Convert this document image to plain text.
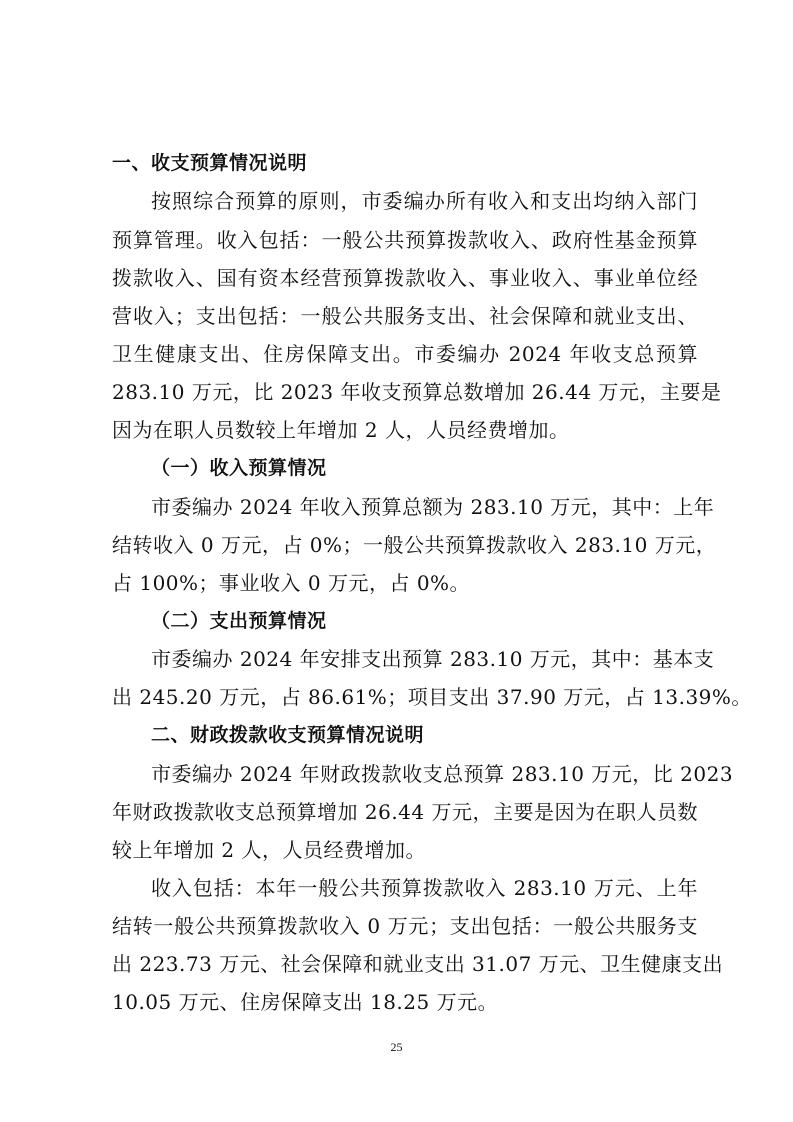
一、收支预算情况说明
按照综合预算的原则，市委编办所有收入和支出均纳入部门
预算管理。收入包括：一般公共预算拨款收入、政府性基金预算
拨款收入、国有资本经营预算拨款收入、事业收入、事业单位经
营收入；支出包括：一般公共服务支出、社会保障和就业支出、
卫生健康支出、住房保障支出。市委编办 2024 年收支总预算
283.10 万元，比 2023 年收支预算总数增加 26.44 万元，主要是
因为在职人员数较上年增加 2 人，人员经费增加。
（一）收入预算情况
市委编办 2024 年收入预算总额为 283.10 万元，其中：上年
结转收入 0 万元，占 0%；一般公共预算拨款收入 283.10 万元，
占 100%；事业收入 0 万元，占 0%。
（二）支出预算情况
市委编办 2024 年安排支出预算 283.10 万元，其中：基本支
出 245.20 万元，占 86.61%；项目支出 37.90 万元，占 13.39%。
二、财政拨款收支预算情况说明
市委编办 2024 年财政拨款收支总预算 283.10 万元，比 2023
年财政拨款收支总预算增加 26.44 万元，主要是因为在职人员数
较上年增加 2 人，人员经费增加。
收入包括：本年一般公共预算拨款收入 283.10 万元、上年
结转一般公共预算拨款收入 0 万元；支出包括：一般公共服务支
出 223.73 万元、社会保障和就业支出 31.07 万元、卫生健康支出
10.05 万元、住房保障支出 18.25 万元。
25
